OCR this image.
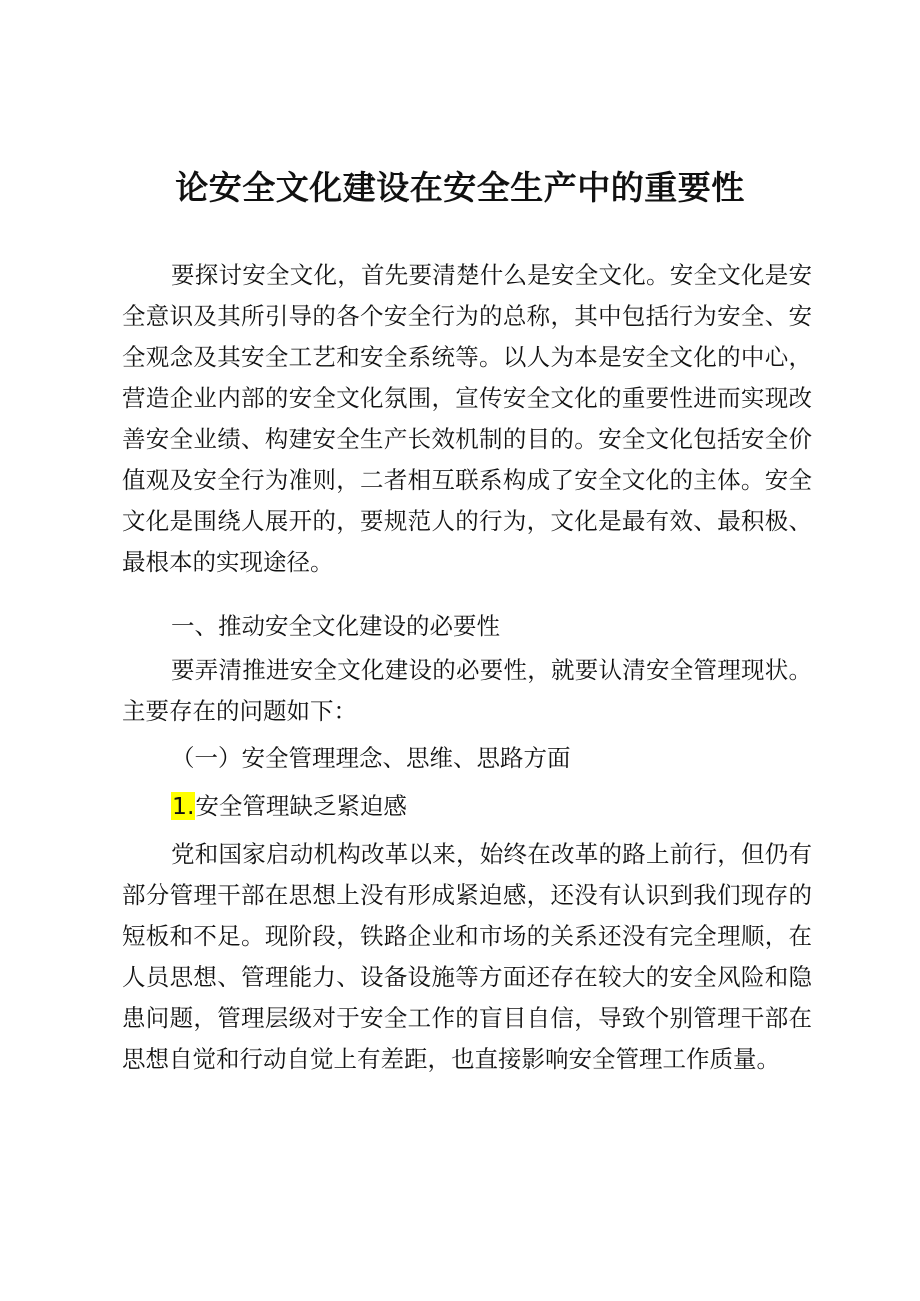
论安全文化建设在安全生产中的重要性

要探讨安全文化，首先要清楚什么是安全文化。安全文化是安全意识及其所引导的各个安全行为的总称，其中包括行为安全、安全观念及其安全工艺和安全系统等。以人为本是安全文化的中心，营造企业内部的安全文化氛围，宣传安全文化的重要性进而实现改善安全业绩、构建安全生产长效机制的目的。安全文化包括安全价值观及安全行为准则，二者相互联系构成了安全文化的主体。安全文化是围绕人展开的，要规范人的行为，文化是最有效、最积极、最根本的实现途径。

一、推动安全文化建设的必要性

要弄清推进安全文化建设的必要性，就要认清安全管理现状。主要存在的问题如下：

（一）安全管理理念、思维、思路方面

1.安全管理缺乏紧迫感

党和国家启动机构改革以来，始终在改革的路上前行，但仍有部分管理干部在思想上没有形成紧迫感，还没有认识到我们现存的短板和不足。现阶段，铁路企业和市场的关系还没有完全理顺，在人员思想、管理能力、设备设施等方面还存在较大的安全风险和隐患问题，管理层级对于安全工作的盲目自信，导致个别管理干部在思想自觉和行动自觉上有差距，也直接影响安全管理工作质量。
